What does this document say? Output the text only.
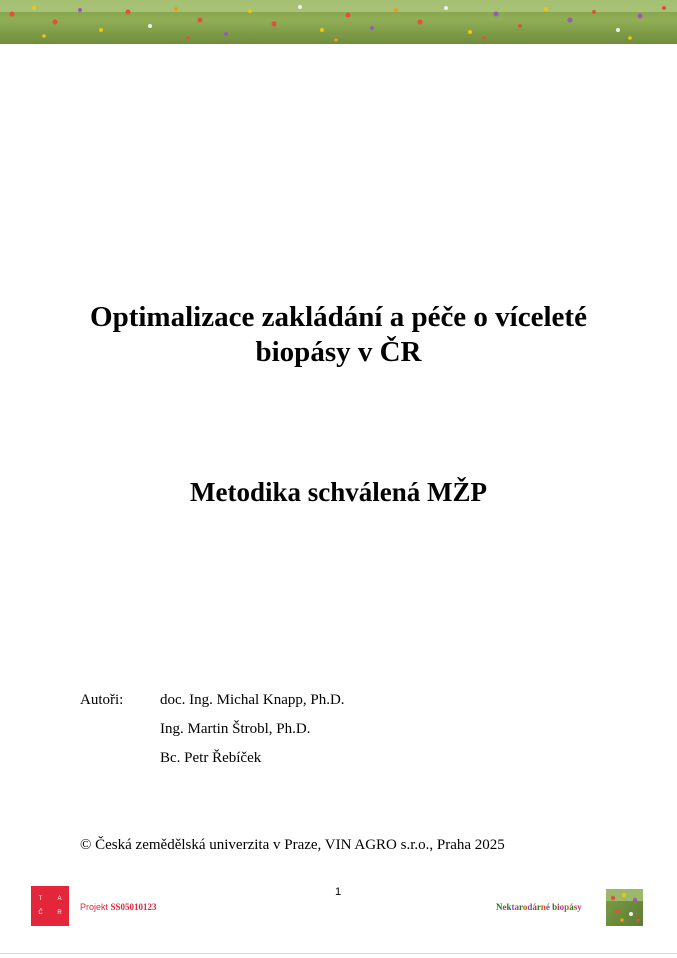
Optimalizace zakládání a péče o víceleté
biopásy v ČR
Metodika schválená MŽP
Autoři: doc. Ing. Michal Knapp, Ph.D.
Ing. Martin Štrobl, Ph.D.
Bc. Petr Řebíček
© Česká zemědělská univerzita v Praze, VIN AGRO s.r.o., Praha 2025
1
T	A
Č R
Projekt SS05010123	Nektarodárné biopásy
